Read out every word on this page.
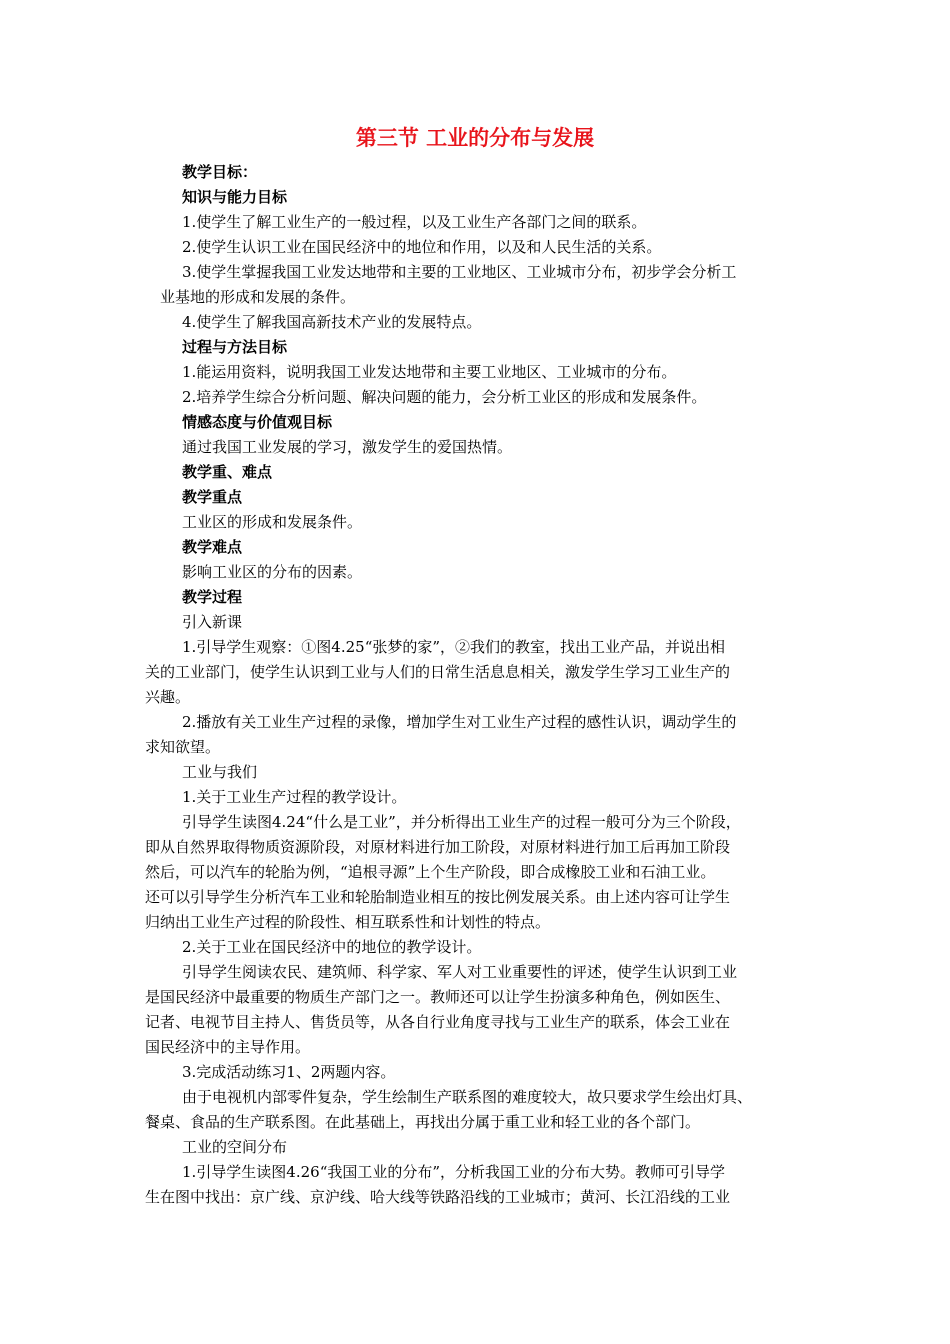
第三节 工业的分布与发展
教学目标：
知识与能力目标
1.使学生了解工业生产的一般过程，以及工业生产各部门之间的联系。
2.使学生认识工业在国民经济中的地位和作用，以及和人民生活的关系。
3.使学生掌握我国工业发达地带和主要的工业地区、工业城市分布，初步学会分析工
业基地的形成和发展的条件。
4.使学生了解我国高新技术产业的发展特点。
过程与方法目标
1.能运用资料，说明我国工业发达地带和主要工业地区、工业城市的分布。
2.培养学生综合分析问题、解决问题的能力，会分析工业区的形成和发展条件。
情感态度与价值观目标
通过我国工业发展的学习，激发学生的爱国热情。
教学重、难点
教学重点
工业区的形成和发展条件。
教学难点
影响工业区的分布的因素。
教学过程
引入新课
1.引导学生观察：①图4.25“张梦的家”，②我们的教室，找出工业产品，并说出相
关的工业部门，使学生认识到工业与人们的日常生活息息相关，激发学生学习工业生产的
兴趣。
2.播放有关工业生产过程的录像，增加学生对工业生产过程的感性认识，调动学生的
求知欲望。
工业与我们
1.关于工业生产过程的教学设计。
引导学生读图4.24“什么是工业”，并分析得出工业生产的过程一般可分为三个阶段，
即从自然界取得物质资源阶段，对原材料进行加工阶段，对原材料进行加工后再加工阶段
然后，可以汽车的轮胎为例，“追根寻源”上个生产阶段，即合成橡胶工业和石油工业。
还可以引导学生分析汽车工业和轮胎制造业相互的按比例发展关系。由上述内容可让学生
归纳出工业生产过程的阶段性、相互联系性和计划性的特点。
2.关于工业在国民经济中的地位的教学设计。
引导学生阅读农民、建筑师、科学家、军人对工业重要性的评述，使学生认识到工业
是国民经济中最重要的物质生产部门之一。教师还可以让学生扮演多种角色，例如医生、
记者、电视节目主持人、售货员等，从各自行业角度寻找与工业生产的联系，体会工业在
国民经济中的主导作用。
3.完成活动练习1、2两题内容。
由于电视机内部零件复杂，学生绘制生产联系图的难度较大，故只要求学生绘出灯具、
餐桌、食品的生产联系图。在此基础上，再找出分属于重工业和轻工业的各个部门。
工业的空间分布
1.引导学生读图4.26“我国工业的分布”，分析我国工业的分布大势。教师可引导学
生在图中找出：京广线、京沪线、哈大线等铁路沿线的工业城市；黄河、长江沿线的工业
